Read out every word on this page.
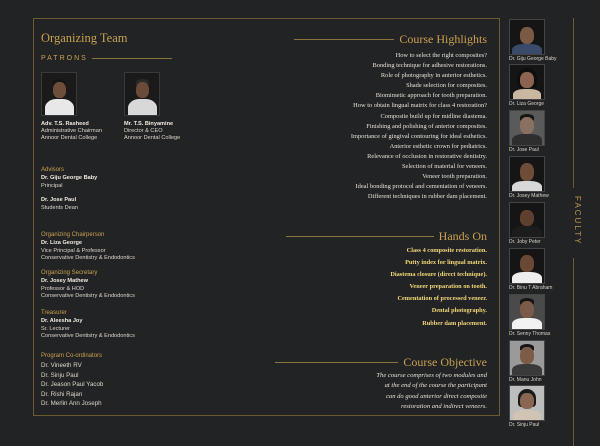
FACULTY
Organizing Team
PATRONS
Adv. T.S. Rasheed
Administrative Chairman
Annoor Dental College
Mr. T.S. Binyamine
Director & CEO
Annoor Dental College
Advisors
Dr. Giju George Baby
Principal
Dr. Jose Paul
Students Dean
Organizing Chairperson
Dr. Liza George
Vice Principal & Professor
Conservative Dentistry & Endodontics
Organizing Secretary
Dr. Josey Mathew
Professor & HOD
Conservative Dentistry & Endodontics
Treasurer
Dr. Aleesha Joy
Sr. Lecturer
Conservative Dentistry & Endodontics
Program Co-ordinators
Dr. Vineeth RV
Dr. Sinju Paul
Dr. Jeason Paul Yacob
Dr. Rishi Rajan
Dr. Merlin Ann Joseph
Course Highlights
How to select the right composites?
Bonding technique for adhesive restorations.
Role of photography in anterior esthetics.
Shade selection for composites.
Biomimetic approach for tooth preparation.
How to obtain lingual matrix for class 4 restoration?
Composite build up for midline diastema.
Finishing and polishing of anterior composites.
Importance of gingival contouring for ideal esthetics.
Anterior esthetic crown for pediatrics.
Relevance of occlusion in restorative dentistry.
Selection of material for veneers.
Veneer tooth preparation.
Ideal bonding protocol and cementation of veneers.
Different techniques in rubber dam placement.
Hands On
Class 4 composite restoration.
Putty index for lingual matrix.
Diastema closure (direct technique).
Veneer preparation on tooth.
Cementation of processed veneer.
Dental photography.
Rubber dam placement.
Course Objective
The course comprises of two modules and
at the end of the course the participant
can do good anterior direct composite
restoration and indirect veneers.
Dr. Giju George Baby
Dr. Liza George
Dr. Jose Paul
Dr. Josey Mathew
Dr. Joby Peter
Dr. Binu T Abraham
Dr. Senny Thomas
Dr. Manu John
Dr. Sinju Paul
